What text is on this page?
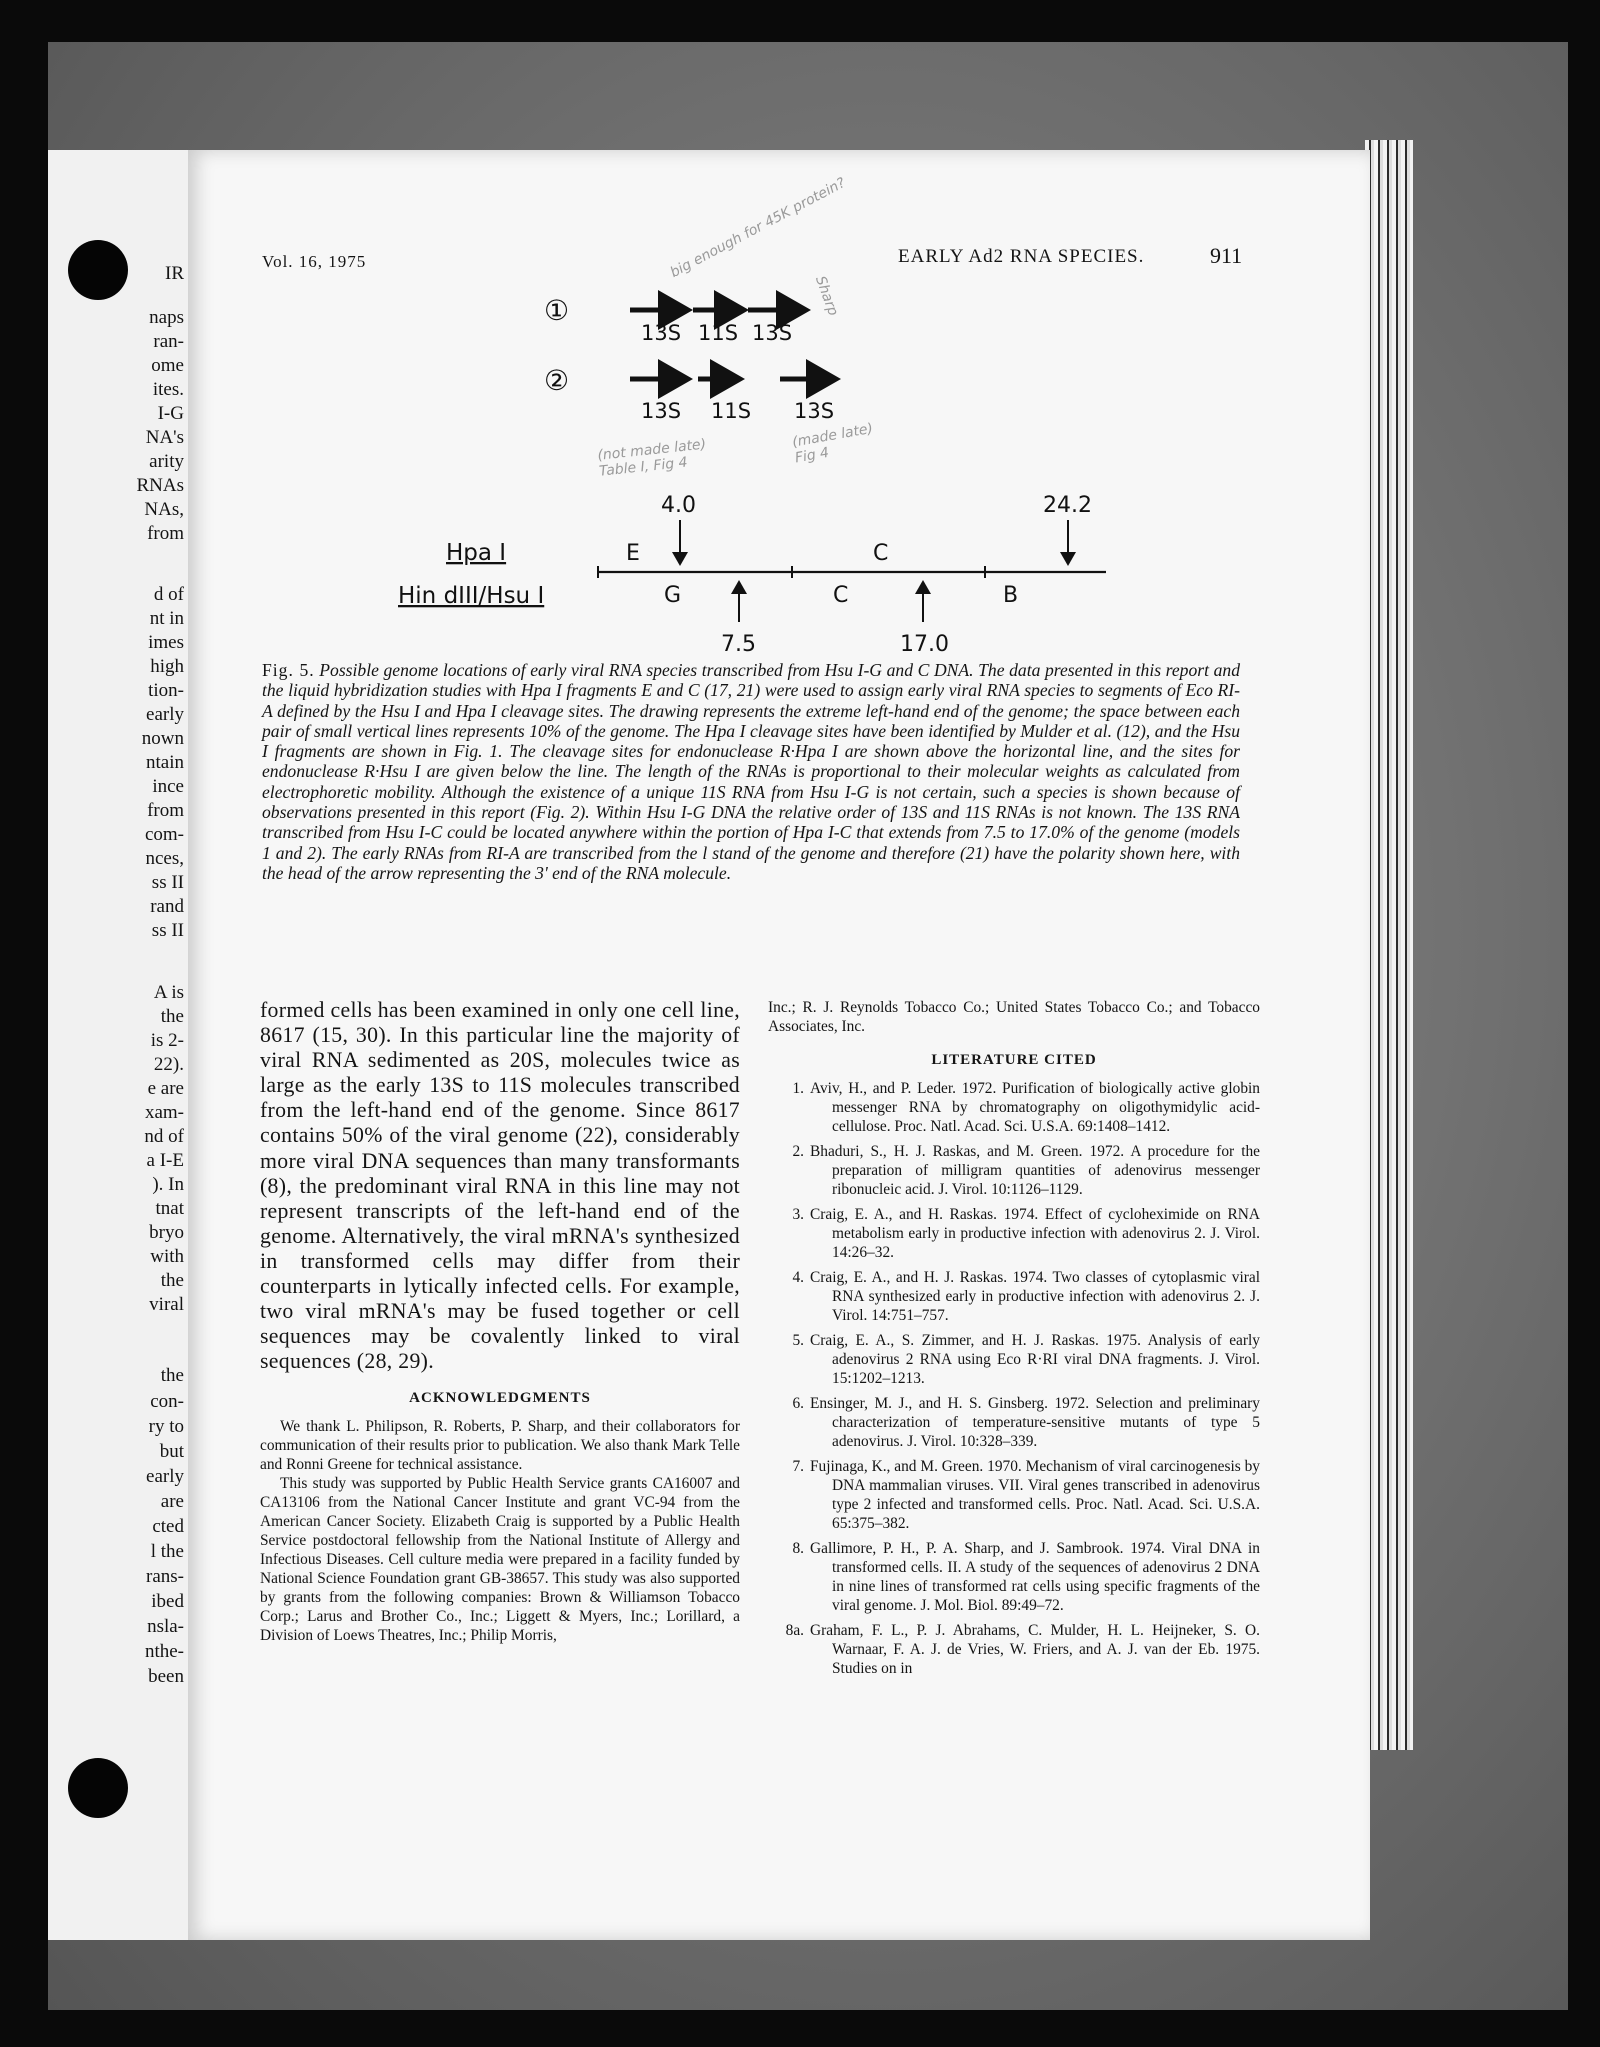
IR
naps
ran-
ome
ites.
I-G
NA's
arity
RNAs
NAs,
from
d of
nt in
imes
high
tion-
early
nown
ntain
ince
from
com-
nces,
ss II
rand
ss II
A is
the
is 2-
22).
e are
xam-
nd of
a I-E
). In
tnat
bryo
with
the
viral
the
con-
ry to
but
early
are
cted
l the
rans-
ibed
nsla-
nthe-
been
Vol. 16, 1975	EARLY Ad2 RNA SPECIES.	911
big enough for 45K protein?
Sharp
(not made late) Table I, Fig 4
(made late) Fig 4
①
13S 11S 13S
②
13S 11S 13S
4.0	24.2
Hpa I
Hin dIII/Hsu I
E	C
G	C	B
7.5	17.0
Fig. 5. Possible genome locations of early viral RNA species transcribed from Hsu I-G and C DNA. The data presented in this report and the liquid hybridization studies with Hpa I fragments E and C (17, 21) were used to assign early viral RNA species to segments of Eco RI-A defined by the Hsu I and Hpa I cleavage sites. The drawing represents the extreme left-hand end of the genome; the space between each pair of small vertical lines represents 10% of the genome. The Hpa I cleavage sites have been identified by Mulder et al. (12), and the Hsu I fragments are shown in Fig. 1. The cleavage sites for endonuclease R·Hpa I are shown above the horizontal line, and the sites for endonuclease R·Hsu I are given below the line. The length of the RNAs is proportional to their molecular weights as calculated from electrophoretic mobility. Although the existence of a unique 11S RNA from Hsu I-G is not certain, such a species is shown because of observations presented in this report (Fig. 2). Within Hsu I-G DNA the relative order of 13S and 11S RNAs is not known. The 13S RNA transcribed from Hsu I-C could be located anywhere within the portion of Hpa I-C that extends from 7.5 to 17.0% of the genome (models 1 and 2). The early RNAs from RI-A are transcribed from the l stand of the genome and therefore (21) have the polarity shown here, with the head of the arrow representing the 3' end of the RNA molecule.

formed cells has been examined in only one cell line, 8617 (15, 30). In this particular line the majority of viral RNA sedimented as 20S, molecules twice as large as the early 13S to 11S molecules transcribed from the left-hand end of the genome. Since 8617 contains 50% of the viral genome (22), considerably more viral DNA sequences than many transformants (8), the predominant viral RNA in this line may not represent transcripts of the left-hand end of the genome. Alternatively, the viral mRNA's synthesized in transformed cells may differ from their counterparts in lytically infected cells. For example, two viral mRNA's may be fused together or cell sequences may be covalently linked to viral sequences (28, 29).

ACKNOWLEDGMENTS

We thank L. Philipson, R. Roberts, P. Sharp, and their collaborators for communication of their results prior to publication. We also thank Mark Telle and Ronni Greene for technical assistance.

This study was supported by Public Health Service grants CA16007 and CA13106 from the National Cancer Institute and grant VC-94 from the American Cancer Society. Elizabeth Craig is supported by a Public Health Service postdoctoral fellowship from the National Institute of Allergy and Infectious Diseases. Cell culture media were prepared in a facility funded by National Science Foundation grant GB-38657. This study was also supported by grants from the following companies: Brown & Williamson Tobacco Corp.; Larus and Brother Co., Inc.; Liggett & Myers, Inc.; Lorillard, a Division of Loews Theatres, Inc.; Philip Morris,

Inc.; R. J. Reynolds Tobacco Co.; United States Tobacco Co.; and Tobacco Associates, Inc.

LITERATURE CITED
1. Aviv, H., and P. Leder. 1972. Purification of biologically active globin messenger RNA by chromatography on oligothymidylic acid-cellulose. Proc. Natl. Acad. Sci. U.S.A. 69:1408–1412.
2. Bhaduri, S., H. J. Raskas, and M. Green. 1972. A procedure for the preparation of milligram quantities of adenovirus messenger ribonucleic acid. J. Virol. 10:1126–1129.
3. Craig, E. A., and H. Raskas. 1974. Effect of cycloheximide on RNA metabolism early in productive infection with adenovirus 2. J. Virol. 14:26–32.
4. Craig, E. A., and H. J. Raskas. 1974. Two classes of cytoplasmic viral RNA synthesized early in productive infection with adenovirus 2. J. Virol. 14:751–757.
5. Craig, E. A., S. Zimmer, and H. J. Raskas. 1975. Analysis of early adenovirus 2 RNA using Eco R·RI viral DNA fragments. J. Virol. 15:1202–1213.
6. Ensinger, M. J., and H. S. Ginsberg. 1972. Selection and preliminary characterization of temperature-sensitive mutants of type 5 adenovirus. J. Virol. 10:328–339.
7. Fujinaga, K., and M. Green. 1970. Mechanism of viral carcinogenesis by DNA mammalian viruses. VII. Viral genes transcribed in adenovirus type 2 infected and transformed cells. Proc. Natl. Acad. Sci. U.S.A. 65:375–382.
8. Gallimore, P. H., P. A. Sharp, and J. Sambrook. 1974. Viral DNA in transformed cells. II. A study of the sequences of adenovirus 2 DNA in nine lines of transformed rat cells using specific fragments of the viral genome. J. Mol. Biol. 89:49–72.
8a. Graham, F. L., P. J. Abrahams, C. Mulder, H. L. Heijneker, S. O. Warnaar, F. A. J. de Vries, W. Friers, and A. J. van der Eb. 1975. Studies on in
